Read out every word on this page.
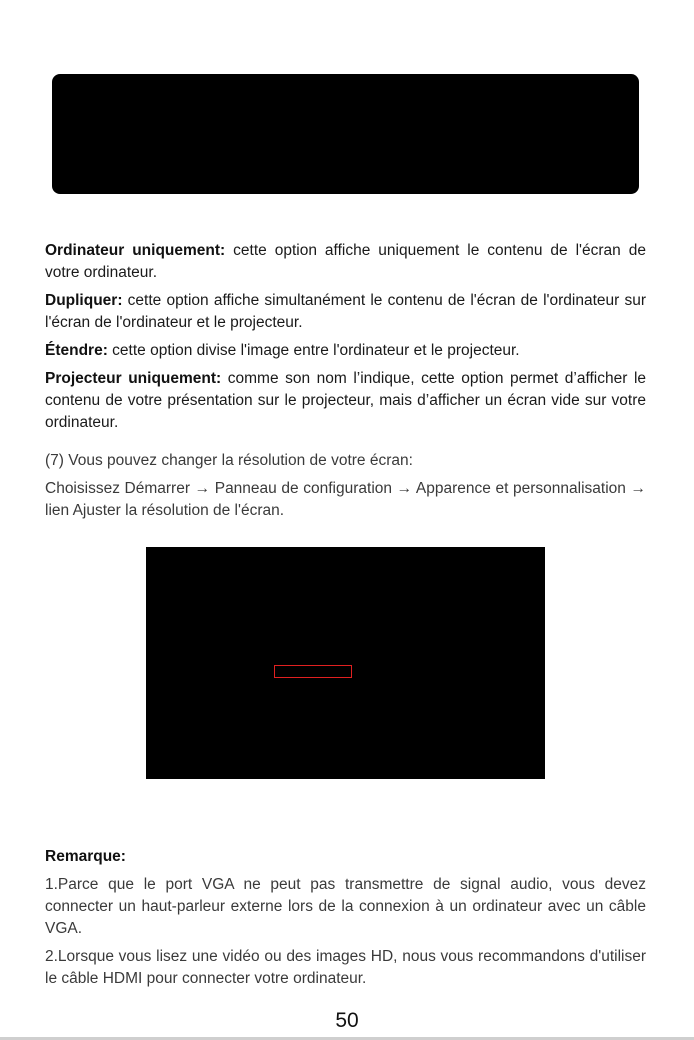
Ordinateur uniquement: cette option affiche uniquement le contenu de l'écran de votre ordinateur.

Dupliquer: cette option affiche simultanément le contenu de l'écran de l'ordinateur sur l'écran de l'ordinateur et le projecteur.

Étendre: cette option divise l'image entre l'ordinateur et le projecteur.

Projecteur uniquement: comme son nom l’indique, cette option permet d’afficher le contenu de votre présentation sur le projecteur, mais d’afficher un écran vide sur votre ordinateur.

(7) Vous pouvez changer la résolution de votre écran:

Choisissez Démarrer → Panneau de configuration → Apparence et personnalisation → lien Ajuster la résolution de l'écran.

Remarque:

1.Parce que le port VGA ne peut pas transmettre de signal audio, vous devez connecter un haut-parleur externe lors de la connexion à un ordinateur avec un câble VGA.

2.Lorsque vous lisez une vidéo ou des images HD, nous vous recommandons d'utiliser le câble HDMI pour connecter votre ordinateur.

50
